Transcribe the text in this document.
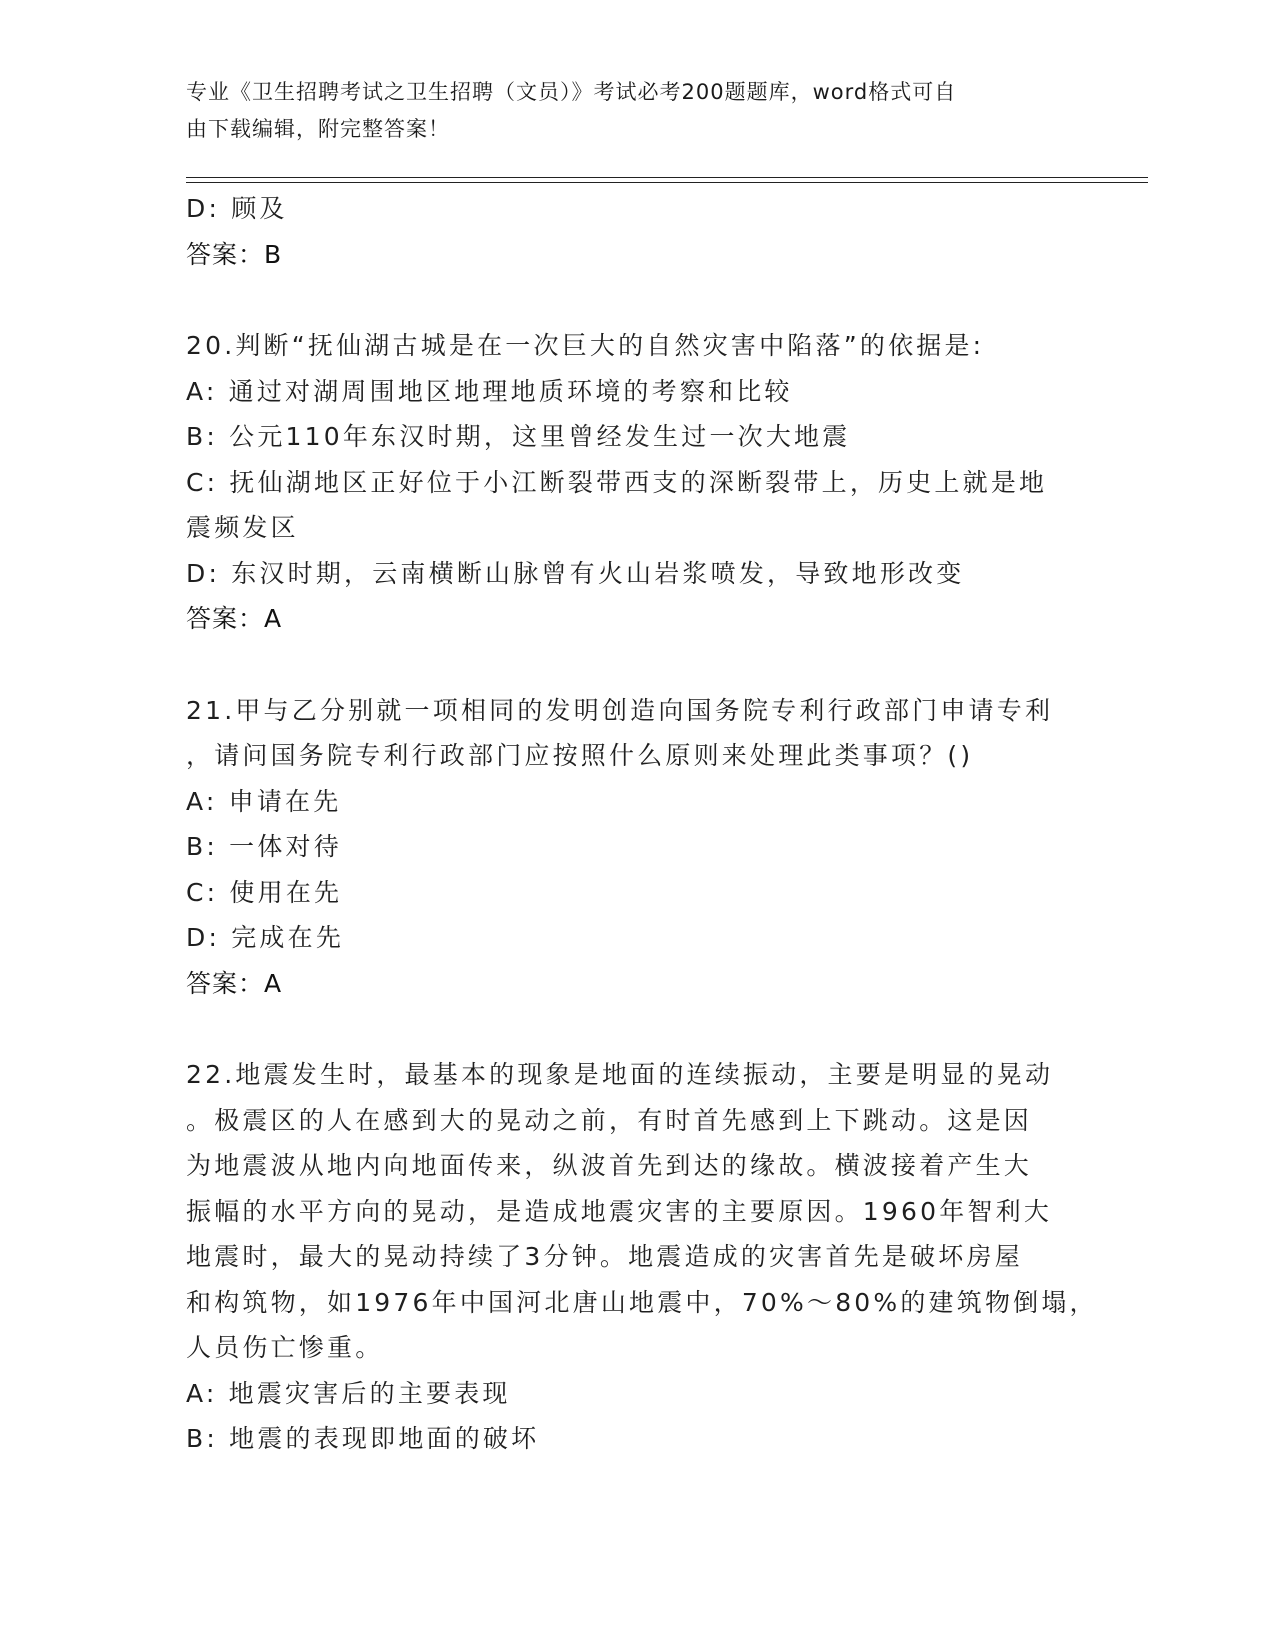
专业《卫生招聘考试之卫生招聘（文员）》考试必考200题题库，word格式可自
由下载编辑，附完整答案！
D: 顾及
答案：B
20.判断“抚仙湖古城是在一次巨大的自然灾害中陷落”的依据是:
A: 通过对湖周围地区地理地质环境的考察和比较
B: 公元110年东汉时期，这里曾经发生过一次大地震
C: 抚仙湖地区正好位于小江断裂带西支的深断裂带上，历史上就是地
震频发区
D: 东汉时期，云南横断山脉曾有火山岩浆喷发，导致地形改变
答案：A
21.甲与乙分别就一项相同的发明创造向国务院专利行政部门申请专利
，请问国务院专利行政部门应按照什么原则来处理此类事项？()
A: 申请在先
B: 一体对待
C: 使用在先
D: 完成在先
答案：A
22.地震发生时，最基本的现象是地面的连续振动，主要是明显的晃动
。极震区的人在感到大的晃动之前，有时首先感到上下跳动。这是因
为地震波从地内向地面传来，纵波首先到达的缘故。横波接着产生大
振幅的水平方向的晃动，是造成地震灾害的主要原因。1960年智利大
地震时，最大的晃动持续了3分钟。地震造成的灾害首先是破坏房屋
和构筑物，如1976年中国河北唐山地震中，70%～80%的建筑物倒塌，
人员伤亡惨重。
A: 地震灾害后的主要表现
B: 地震的表现即地面的破坏
